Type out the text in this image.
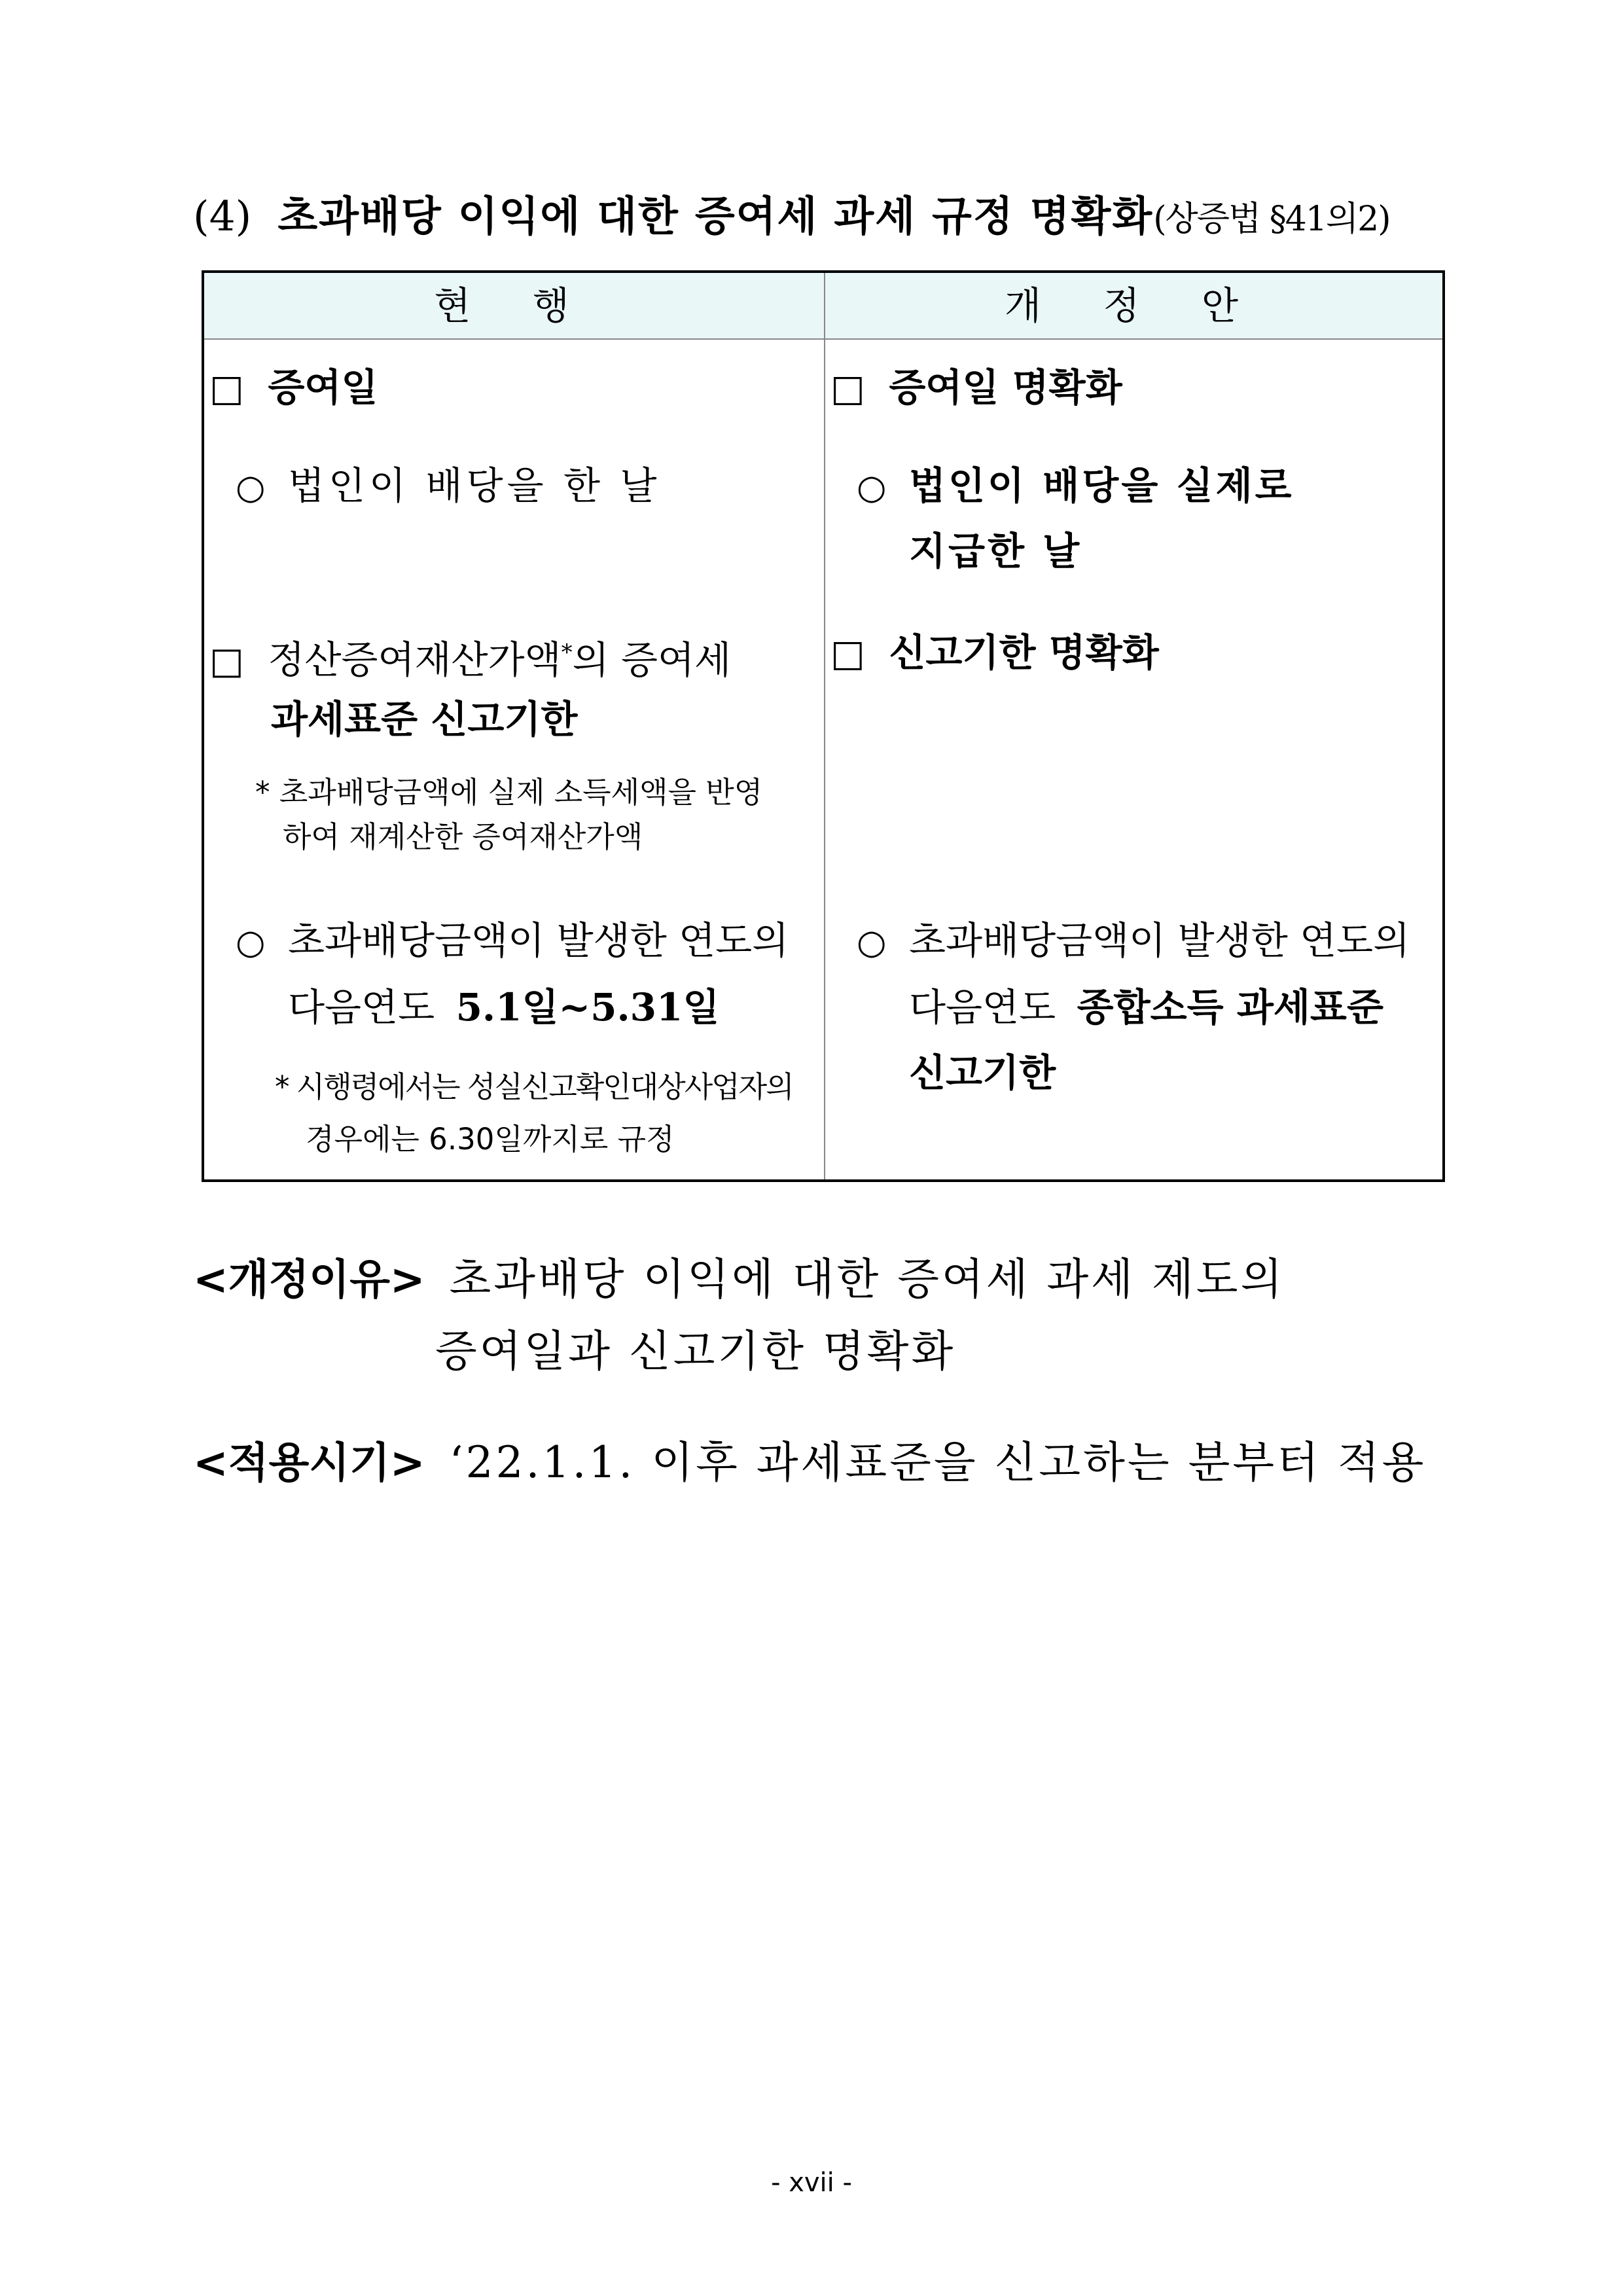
(4) 초과배당 이익에 대한 증여세 과세 규정 명확화(상증법 §41의2)
현 행	개 정 안
□ 증여일
○ 법인이 배당을 한 날
□ 정산증여재산가액*의 증여세
과세표준 신고기한
* 초과배당금액에 실제 소득세액을 반영
하여 재계산한 증여재산가액
○ 초과배당금액이 발생한 연도의
다음연도 5.1일~5.31일
* 시행령에서는 성실신고확인대상사업자의
경우에는 6.30일까지로 규정
□ 증여일 명확화
○ 법인이 배당을 실제로
지급한 날
□ 신고기한 명확화
○ 초과배당금액이 발생한 연도의
다음연도 종합소득 과세표준
신고기한
<개정이유> 초과배당 이익에 대한 증여세 과세 제도의
증여일과 신고기한 명확화
<적용시기> ‘22.1.1. 이후 과세표준을 신고하는 분부터 적용
- xvii -
